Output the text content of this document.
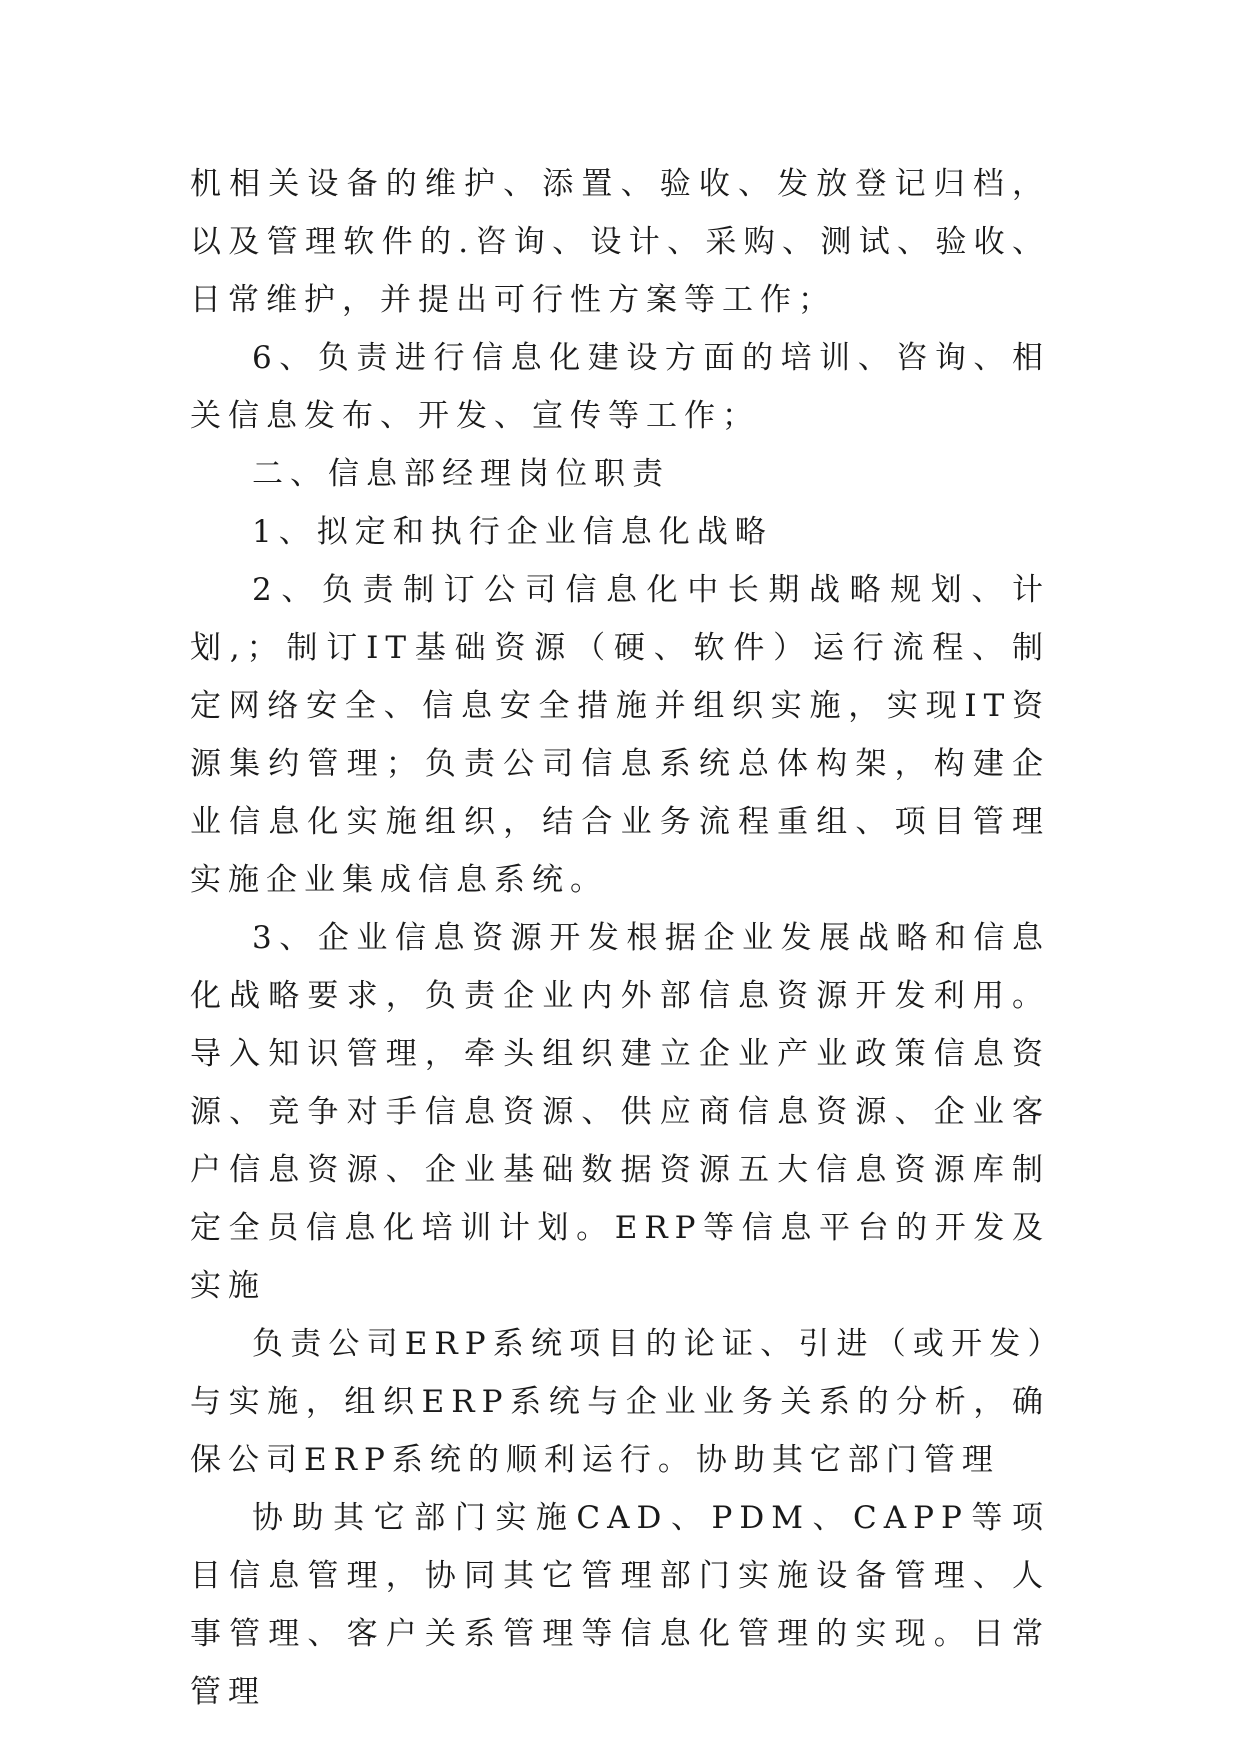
机相关设备的维护、添置、验收、发放登记归档，以及管理软件的.咨询、设计、采购、测试、验收、日常维护，并提出可行性方案等工作；

6、负责进行信息化建设方面的培训、咨询、相关信息发布、开发、宣传等工作；

二、信息部经理岗位职责

1、拟定和执行企业信息化战略

2、负责制订公司信息化中长期战略规划、计划,；制订IT基础资源（硬、软件）运行流程、制定网络安全、信息安全措施并组织实施，实现IT资源集约管理；负责公司信息系统总体构架，构建企业信息化实施组织，结合业务流程重组、项目管理实施企业集成信息系统。

3、企业信息资源开发根据企业发展战略和信息化战略要求，负责企业内外部信息资源开发利用。导入知识管理，牵头组织建立企业产业政策信息资源、竞争对手信息资源、供应商信息资源、企业客户信息资源、企业基础数据资源五大信息资源库制定全员信息化培训计划。ERP等信息平台的开发及实施

负责公司ERP系统项目的论证、引进（或开发）与实施，组织ERP系统与企业业务关系的分析，确保公司ERP系统的顺利运行。协助其它部门管理

协助其它部门实施CAD、PDM、CAPP等项目信息管理，协同其它管理部门实施设备管理、人事管理、客户关系管理等信息化管理的实现。日常管理
